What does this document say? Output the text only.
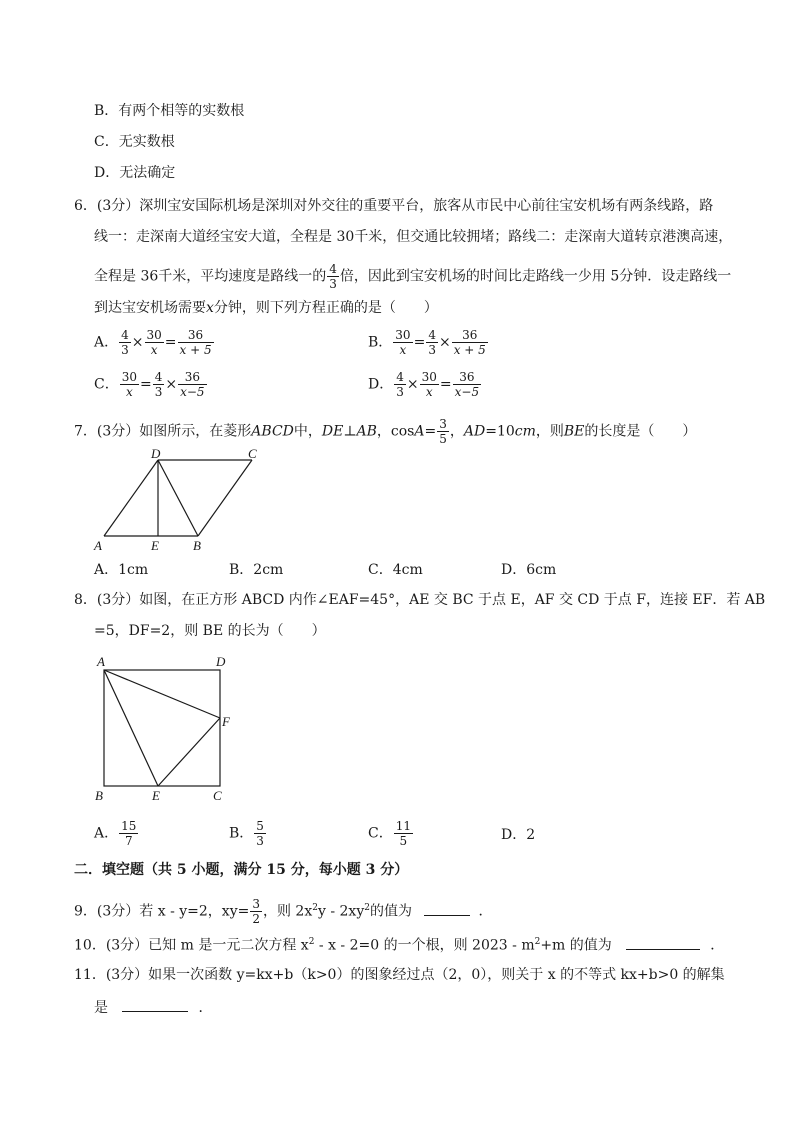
B．有两个相等的实数根
C．无实数根
D．无法确定
6．(3分）深圳宝安国际机场是深圳对外交往的重要平台，旅客从市民中心前往宝安机场有两条线路，路
线一：走深南大道经宝安大道，全程是 30千米，但交通比较拥堵；路线二：走深南大道转京港澳高速，
全程是 36千米，平均速度是路线一的 $\frac{4}{3}$ 倍，因此到宝安机场的时间比走路线一少用 5分钟．设走路线一
到达宝安机场需要x分钟，则下列方程正确的是（　　）
A． $\frac{4}{3} \times \frac{30}{x} = \frac{36}{x + 5}$	B． $\frac{30}{x} = \frac{4}{3} \times \frac{36}{x + 5}$
C． $\frac{30}{x} = \frac{4}{3} \times \frac{36}{x-5}$	D． $\frac{4}{3} \times \frac{30}{x} = \frac{36}{x-5}$
7．(3分）如图所示，在菱形ABCD中，DE⊥AB，$\cos A= \frac{3}{5}$ ，AD=10cm，则BE的长度是（　　）
D	C
A	E	B
A．1cm	B．2cm	C．4cm	D．6cm
8．(3分）如图，在正方形 ABCD 内作∠EAF=45°，AE 交 BC 于点 E，AF 交 CD 于点 F，连接 EF．若 AB
=5，DF=2，则 BE 的长为（　　）
A	D
F
B	E	C
A． $\frac{15}{7}$	B． $\frac{5}{3}$	C． $\frac{11}{5}$	D．2
二．填空题（共 5 小题，满分 15 分，每小题 3 分）
9．(3分）若 x - y=2，$xy= \frac{3}{2}$ ，则 $2x^2y - 2xy^2$的值为	．
10．(3分）已知 m 是一元二次方程 $x^2 - x - 2=0$ 的一个根，则 $2023 - m^2+m$ 的值为	．
11．(3分）如果一次函数 y=kx+b（k>0）的图象经过点（2，0），则关于 x 的不等式 kx+b>0 的解集
是	．
